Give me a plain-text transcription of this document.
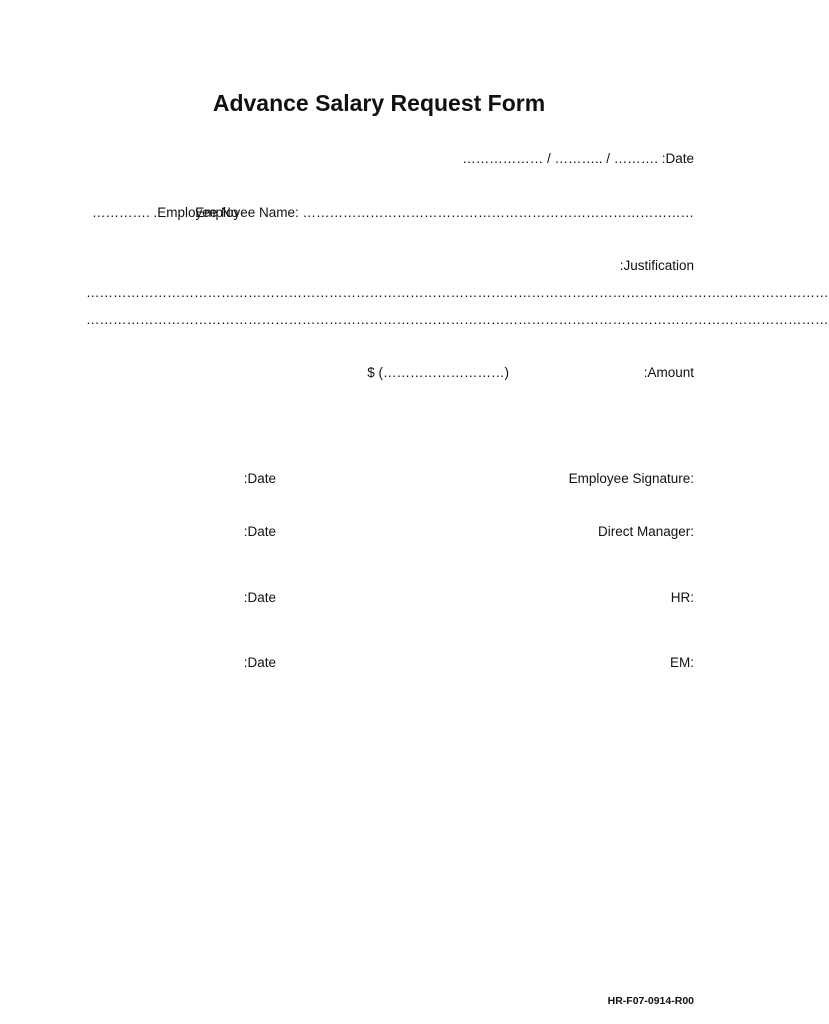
Advance Salary Request Form
……………… / ……….. / ………. :Date
…………. .Employee No
Employee Name: ……………………………………………………………………………
:Justification
…………………………………………………………………………………………………………………………………………………
…………………………………………………………………………………………………………………………………………………
$ (………………………)	:Amount
:Date	Employee Signature:
:Date	Direct Manager:
:Date	HR:
:Date	EM:
HR-F07-0914-R00
